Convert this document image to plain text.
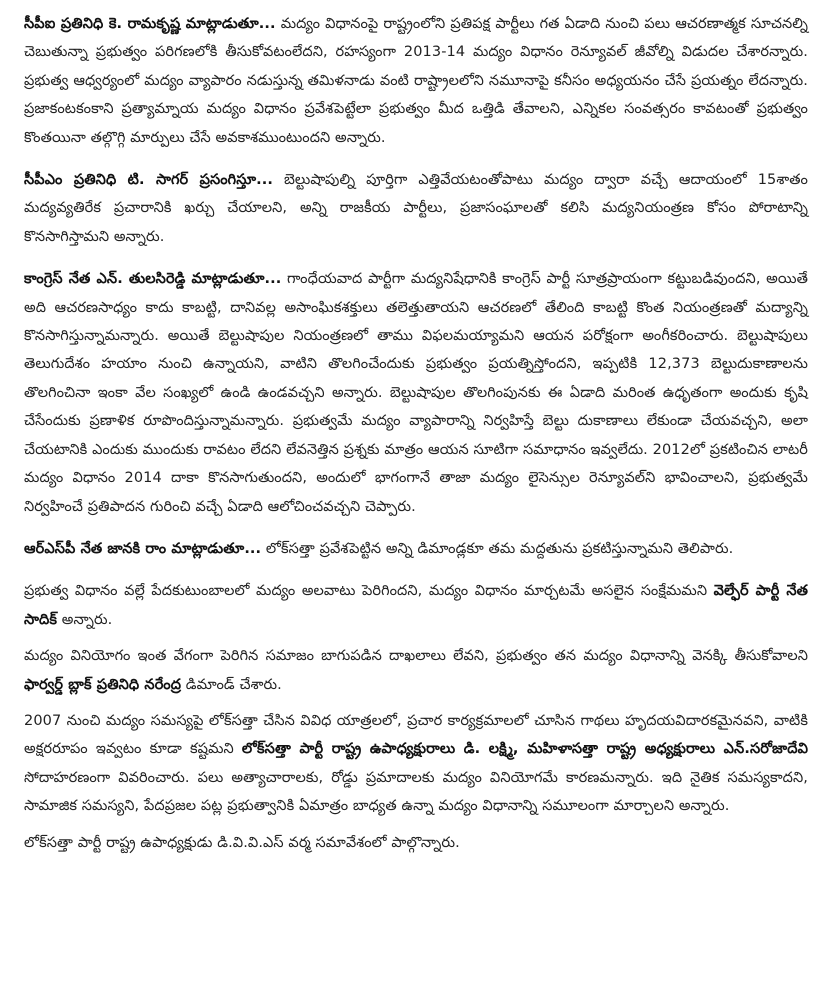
సీపీఐ ప్రతినిధి కె. రామకృష్ణ మాట్లాడుతూ... మద్యం విధానంపై రాష్ట్రంలోని ప్రతిపక్ష పార్టీలు గత ఏడాది నుంచి పలు ఆచరణాత్మక సూచనల్ని చెబుతున్నా ప్రభుత్వం పరిగణలోకి తీసుకోవటంలేదని, రహస్యంగా 2013-14 మద్యం విధానం రెన్యూవల్ జీవోల్ని విడుదల చేశారన్నారు. ప్రభుత్వ ఆధ్వర్యంలో మద్యం వ్యాపారం నడుస్తున్న తమిళనాడు వంటి రాష్ట్రాలలోని నమూనాపై కనీసం అధ్యయనం చేసే ప్రయత్నం లేదన్నారు. ప్రజాకంటకంకాని ప్రత్యామ్నాయ మద్యం విధానం ప్రవేశపెట్టేలా ప్రభుత్వం మీద ఒత్తిడి తేవాలని, ఎన్నికల సంవత్సరం కావటంతో ప్రభుత్వం కొంతయినా తల్గొగ్గి మార్పులు చేసే అవకాశముంటుందని అన్నారు.

సీపీఎం ప్రతినిధి టి. సాగర్ ప్రసంగిస్తూ... బెల్టుషాపుల్ని పూర్తిగా ఎత్తివేయటంతోపాటు మద్యం ద్వారా వచ్చే ఆదాయంలో 15శాతం మద్యవ్యతిరేక ప్రచారానికి ఖర్చు చేయాలని, అన్ని రాజకీయ పార్టీలు, ప్రజాసంఘాలతో కలిసి మద్యనియంత్రణ కోసం పోరాటాన్ని కొనసాగిస్తామని అన్నారు.

కాంగ్రెస్ నేత ఎన్. తులసిరెడ్డి మాట్లాడుతూ... గాంధేయవాద పార్టీగా మద్యనిషేధానికి కాంగ్రెస్ పార్టీ సూత్రప్రాయంగా కట్టుబడివుందని, అయితే అది ఆచరణసాధ్యం కాదు కాబట్టి, దానివల్ల అసాంఘికశక్తులు తలెత్తుతాయని ఆచరణలో తేలింది కాబట్టి కొంత నియంత్రణతో మద్యాన్ని కొనసాగిస్తున్నామన్నారు. అయితే బెల్టుషాపుల నియంత్రణలో తాము విఫలమయ్యామని ఆయన పరోక్షంగా అంగీకరించారు. బెల్టుషాపులు తెలుగుదేశం హయాం నుంచి ఉన్నాయని, వాటిని తొలగించేందుకు ప్రభుత్వం ప్రయత్నిస్తోందని, ఇప్పటికి 12,373 బెల్టుదుకాణాలను తొలగించినా ఇంకా వేల సంఖ్యలో ఉండి ఉండవచ్చని అన్నారు. బెల్టుషాపుల తొలగింపునకు ఈ ఏడాది మరింత ఉధృతంగా అందుకు కృషి చేసేందుకు ప్రణాళిక రూపొందిస్తున్నామన్నారు. ప్రభుత్వమే మద్యం వ్యాపారాన్ని నిర్వహిస్తే బెల్టు దుకాణాలు లేకుండా చేయవచ్చని, అలా చేయటానికి ఎందుకు ముందుకు రావటం లేదని లేవనెత్తిన ప్రశ్నకు మాత్రం ఆయన సూటిగా సమాధానం ఇవ్వలేదు. 2012లో ప్రకటించిన లాటరీ మద్యం విధానం 2014 దాకా కొనసాగుతుందని, అందులో భాగంగానే తాజా మద్యం లైసెన్సుల రెన్యూవల్‌ని భావించాలని, ప్రభుత్వమే నిర్వహించే ప్రతిపాదన గురించి వచ్చే ఏడాది ఆలోచించవచ్చని చెప్పారు.

ఆర్ఎస్‌పీ నేత జానకి రాం మాట్లాడుతూ... లోక్‌సత్తా ప్రవేశపెట్టిన అన్ని డిమాండ్లకూ తమ మద్దతును ప్రకటిస్తున్నామని తెలిపారు.

ప్రభుత్వ విధానం వల్లే పేదకుటుంబాలలో మద్యం అలవాటు పెరిగిందని, మద్యం విధానం మార్చటమే అసలైన సంక్షేమమని వెల్ఫేర్ పార్టీ నేత సాదిక్ అన్నారు.

మద్యం వినియోగం ఇంత వేగంగా పెరిగిన సమాజం బాగుపడిన దాఖలాలు లేవని, ప్రభుత్వం తన మద్యం విధానాన్ని వెనక్కి తీసుకోవాలని ఫార్వర్డ్ బ్లాక్ ప్రతినిధి నరేంద్ర డిమాండ్ చేశారు.

2007 నుంచి మద్యం సమస్యపై లోక్‌సత్తా చేసిన వివిధ యాత్రలలో, ప్రచార కార్యక్రమాలలో చూసిన గాథలు హృదయవిదారకమైనవని, వాటికి అక్షరరూపం ఇవ్వటం కూడా కష్టమని లోక్‌సత్తా పార్టీ రాష్ట్ర ఉపాధ్యక్షురాలు డి. లక్ష్మి, మహిళాసత్తా రాష్ట్ర అధ్యక్షురాలు ఎన్.సరోజాదేవి సోదాహరణంగా వివరించారు. పలు అత్యాచారాలకు, రోడ్డు ప్రమాదాలకు మద్యం వినియోగమే కారణమన్నారు. ఇది నైతిక సమస్యకాదని, సామాజిక సమస్యని, పేదప్రజల పట్ల ప్రభుత్వానికి ఏమాత్రం బాధ్యత ఉన్నా మద్యం విధానాన్ని సమూలంగా మార్చాలని అన్నారు.

లోక్‌సత్తా పార్టీ రాష్ట్ర ఉపాధ్యక్షుడు డి.వి.వి.ఎస్ వర్మ సమావేశంలో పాల్గొన్నారు.
